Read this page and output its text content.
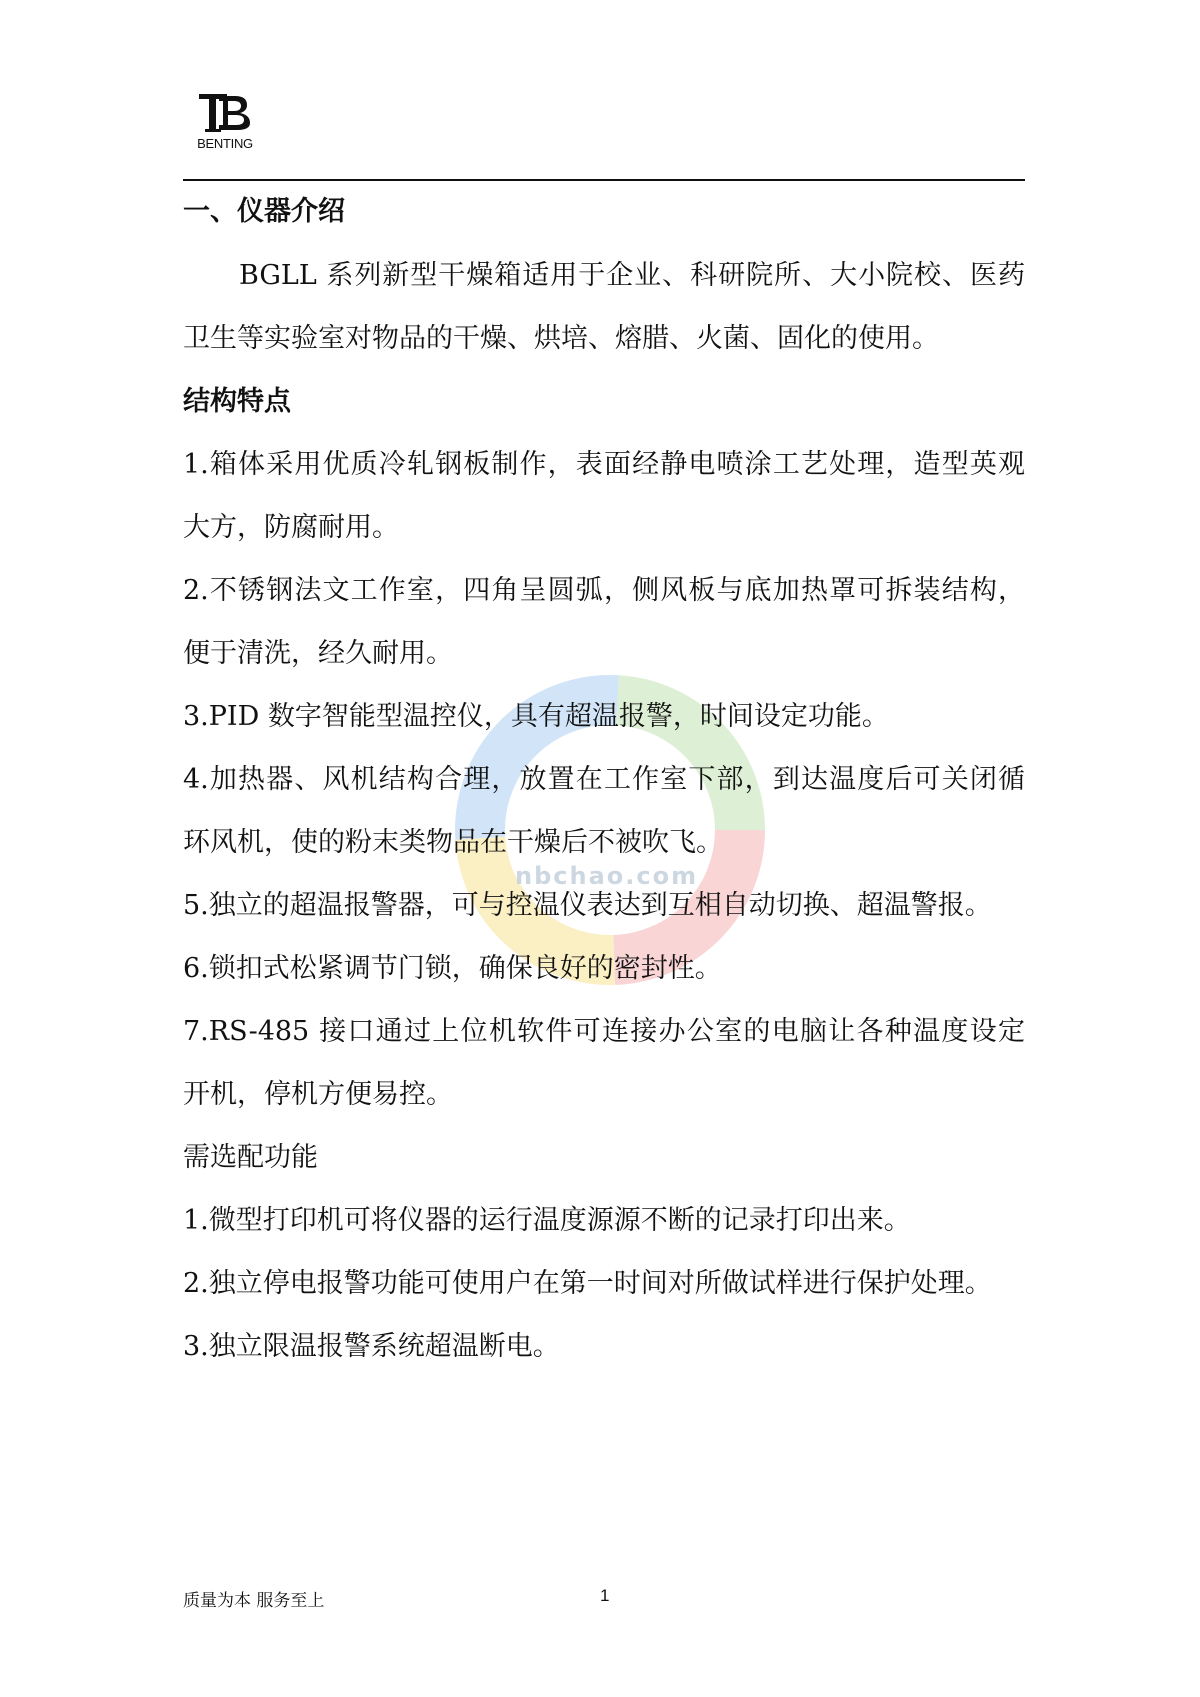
BENTING
nbchao.com
一、仪器介绍
BGLL 系列新型干燥箱适用于企业、科研院所、大小院校、医药
卫生等实验室对物品的干燥、烘培、熔腊、火菌、固化的使用。
结构特点
1.箱体采用优质冷轧钢板制作，表面经静电喷涂工艺处理，造型英观
大方，防腐耐用。
2.不锈钢法文工作室，四角呈圆弧，侧风板与底加热罩可拆装结构，
便于清洗，经久耐用。
3.PID 数字智能型温控仪，具有超温报警，时间设定功能。
4.加热器、风机结构合理，放置在工作室下部，到达温度后可关闭循
环风机，使的粉末类物品在干燥后不被吹飞。
5.独立的超温报警器，可与控温仪表达到互相自动切换、超温警报。
6.锁扣式松紧调节门锁，确保良好的密封性。
7.RS-485 接口通过上位机软件可连接办公室的电脑让各种温度设定
开机，停机方便易控。
需选配功能
1.微型打印机可将仪器的运行温度源源不断的记录打印出来。
2.独立停电报警功能可使用户在第一时间对所做试样进行保护处理。
3.独立限温报警系统超温断电。
质量为本 服务至上	1
